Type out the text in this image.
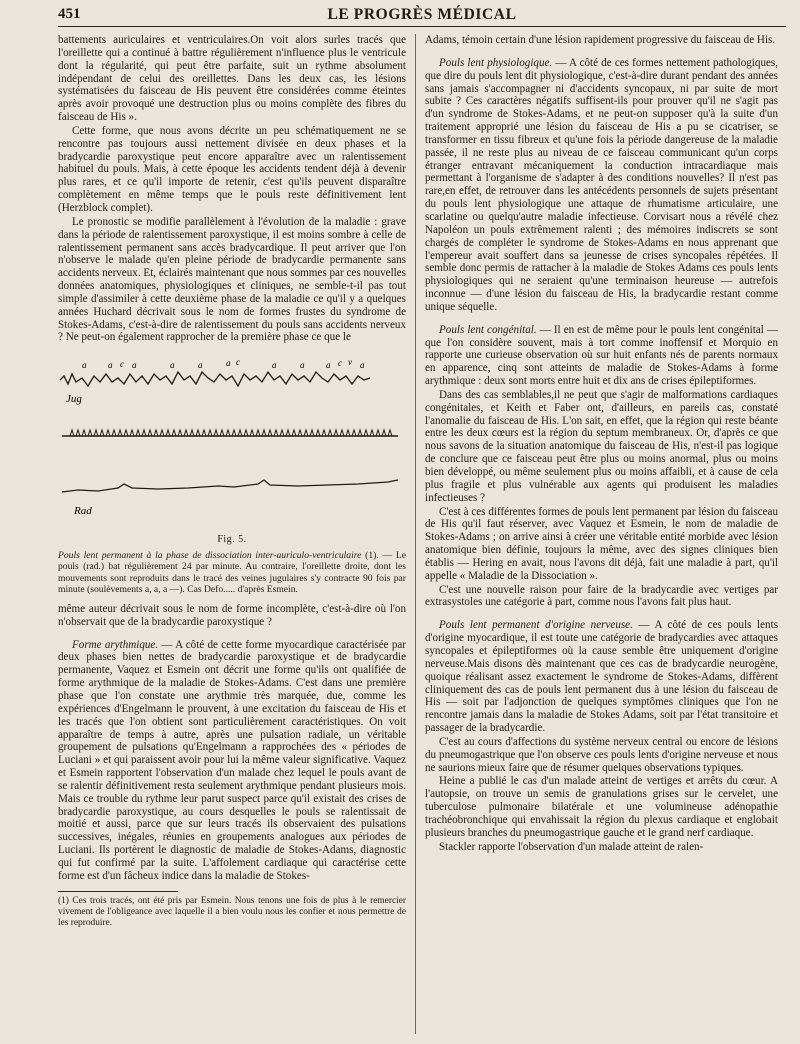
451	LE PROGRÈS MÉDICAL

battements auriculaires et ventriculaires.On voit alors surles tracés que l'oreillette qui a continué à battre régulièrement n'influence plus le ventricule dont la régularité, qui peut être parfaite, suit un rythme absolument indépendant de celui des oreillettes. Dans les deux cas, les lésions systématisées du faisceau de His peuvent être considérées comme éteintes après avoir provoqué une destruction plus ou moins complète des fibres du faisceau de His ».

Cette forme, que nous avons décrite un peu schématiquement ne se rencontre pas toujours aussi nettement divisée en deux phases et la bradycardie paroxystique peut encore apparaître avec un ralentissement habituel du pouls. Mais, à cette époque les accidents tendent déjà à devenir plus rares, et ce qu'il importe de retenir, c'est qu'ils peuvent disparaître complètement en même temps que le pouls reste définitivement lent (Herzblock complet).

Le pronostic se modifie parallèlement à l'évolution de la maladie : grave dans la période de ralentissement paroxystique, il est moins sombre à celle de ralentissement permanent sans accès bradycardique. Il peut arriver que l'on n'observe le malade qu'en pleine période de bradycardie permanente sans accidents nerveux. Et, éclairés maintenant que nous sommes par ces nouvelles données anatomiques, physiologiques et cliniques, ne semble-t-il pas tout simple d'assimiler à cette deuxième phase de la maladie ce qu'il y a quelques années Huchard décrivait sous le nom de formes frustes du syndrome de Stokes-Adams, c'est-à-dire de ralentissement du pouls sans accidents nerveux ? Ne peut-on également rapprocher de la première phase ce que le

a a c a	a	a	a c	a	a a c v a
Jug
Rad
Fig. 5.
Pouls lent permanent à la phase de dissociation inter-auriculo-ventriculaire (1). — Le pouls (rad.) bat régulièrement 24 par minute. Au contraire, l'oreillette droite, dont les mouvements sont reproduits dans le tracé des veines jugulaires s'y contracte 90 fois par minute (soulèvements a, a, a —). Cas Defo..... d'après Esmein.

même auteur décrivait sous le nom de forme incomplète, c'est-à-dire où l'on n'observait que de la bradycardie paroxystique ?

Forme arythmique. — A côté de cette forme myocardique caractérisée par deux phases bien nettes de bradycardie paroxystique et de bradycardie permanente, Vaquez et Esmein ont décrit une forme qu'ils ont qualifiée de forme arythmique de la maladie de Stokes-Adams. C'est dans une première phase que l'on constate une arythmie très marquée, due, comme les expériences d'Engelmann le prouvent, à une excitation du faisceau de His et les tracés que l'on obtient sont particulièrement caractéristiques. On voit apparaître de temps à autre, après une pulsation radiale, un véritable groupement de pulsations qu'Engelmann a rapprochées des « périodes de Luciani » et qui paraissent avoir pour lui la même valeur significative. Vaquez et Esmein rapportent l'observation d'un malade chez lequel le pouls avant de se ralentir définitivement resta seulement arythmique pendant plusieurs mois. Mais ce trouble du rythme leur parut suspect parce qu'il existait des crises de bradycardie paroxystique, au cours desquelles le pouls se ralentissait de moitié et aussi, parce que sur leurs tracés ils observaient des pulsations successives, inégales, réunies en groupements analogues aux périodes de Luciani. Ils portèrent le diagnostic de maladie de Stokes-Adams, diagnostic qui fut confirmé par la suite. L'affolement cardiaque qui caractérise cette forme est d'un fâcheux indice dans la maladie de Stokes-

(1) Ces trois tracés, ont été pris par Esmein. Nous tenons une fois de plus à le remercier vivement de l'obligeance avec laquelle il a bien voulu nous les confier et nous permettre de les reproduire.

Adams, témoin certain d'une lésion rapidement progressive du faisceau de His.

Pouls lent physiologique. — A côté de ces formes nettement pathologiques, que dire du pouls lent dit physiologique, c'est-à-dire durant pendant des années sans jamais s'accompagner ni d'accidents syncopaux, ni par suite de mort subite ? Ces caractères négatifs suffisent-ils pour prouver qu'il ne s'agit pas d'un syndrome de Stokes-Adams, et ne peut-on supposer qu'à la suite d'un traitement approprié une lésion du faisceau de His a pu se cicatriser, se transformer en tissu fibreux et qu'une fois la période dangereuse de la maladie passée, il ne reste plus au niveau de ce faisceau communicant qu'un corps étranger entravant mécaniquement la conduction intracardiaque mais permettant à l'organisme de s'adapter à des conditions nouvelles? Il n'est pas rare,en effet, de retrouver dans les antécédents personnels de sujets présentant du pouls lent physiologique une attaque de rhumatisme articulaire, une scarlatine ou quelqu'autre maladie infectieuse. Corvisart nous a révélé chez Napoléon un pouls extrêmement ralenti ; des mémoires indiscrets se sont chargés de compléter le syndrome de Stokes-Adams en nous apprenant que l'empereur avait souffert dans sa jeunesse de crises syncopales répétées. Il semble donc permis de rattacher à la maladie de Stokes Adams ces pouls lents physiologiques qui ne seraient qu'une terminaison heureuse — autrefois inconnue — d'une lésion du faisceau de His, la bradycardie restant comme unique séquelle.

Pouls lent congénital. — Il en est de même pour le pouls lent congénital — que l'on considère souvent, mais à tort comme inoffensif et Morquio en rapporte une curieuse observation où sur huit enfants nés de parents normaux en apparence, cinq sont atteints de maladie de Stokes-Adams à forme arythmique : deux sont morts entre huit et dix ans de crises épileptiformes.

Dans des cas semblables,il ne peut que s'agir de malformations cardiaques congénitales, et Keith et Faber ont, d'ailleurs, en pareils cas, constaté l'anomalie du faisceau de His. L'on sait, en effet, que la région qui reste béante entre les deux cœurs est la région du septum membraneux. Or, d'après ce que nous savons de la situation anatomique du faisceau de His, n'est-il pas logique de conclure que ce faisceau peut être plus ou moins anormal, plus ou moins bien développé, ou même seulement plus ou moins affaibli, et à cause de cela plus fragile et plus vulnérable aux agents qui produisent les maladies infectieuses ?

C'est à ces différentes formes de pouls lent permanent par lésion du faisceau de His qu'il faut réserver, avec Vaquez et Esmein, le nom de maladie de Stokes-Adams ; on arrive ainsi à créer une véritable entité morbide avec lésion anatomique bien définie, toujours la même, avec des signes cliniques bien établis — Hering en avait, nous l'avons dit déjà, fait une maladie à part, qu'il appelle « Maladie de la Dissociation ».

C'est une nouvelle raison pour faire de la bradycardie avec vertiges par extrasystoles une catégorie à part, comme nous l'avons fait plus haut.

Pouls lent permanent d'origine nerveuse. — A côté de ces pouls lents d'origine myocardique, il est toute une catégorie de bradycardies avec attaques syncopales et épileptiformes où la cause semble être uniquement d'origine nerveuse.Mais disons dès maintenant que ces cas de bradycardie neurogène, quoique réalisant assez exactement le syndrome de Stokes-Adams, diffèrent cliniquement des cas de pouls lent permanent dus à une lésion du faisceau de His — soit par l'adjonction de quelques symptômes cliniques que l'on ne rencontre jamais dans la maladie de Stokes Adams, soit par l'état transitoire et passager de la bradycardie.

C'est au cours d'affections du système nerveux central ou encore de lésions du pneumogastrique que l'on observe ces pouls lents d'origine nerveuse et nous ne saurions mieux faire que de résumer quelques observations typiques.

Heine a publié le cas d'un malade atteint de vertiges et arrêts du cœur. A l'autopsie, on trouve un semis de granulations grises sur le cervelet, une tuberculose pulmonaire bilatérale et une volumineuse adénopathie trachéobronchique qui envahissait la région du plexus cardiaque et englobait plusieurs branches du pneumogastrique gauche et le grand nerf cardiaque.

Stackler rapporte l'observation d'un malade atteint de ralen-
